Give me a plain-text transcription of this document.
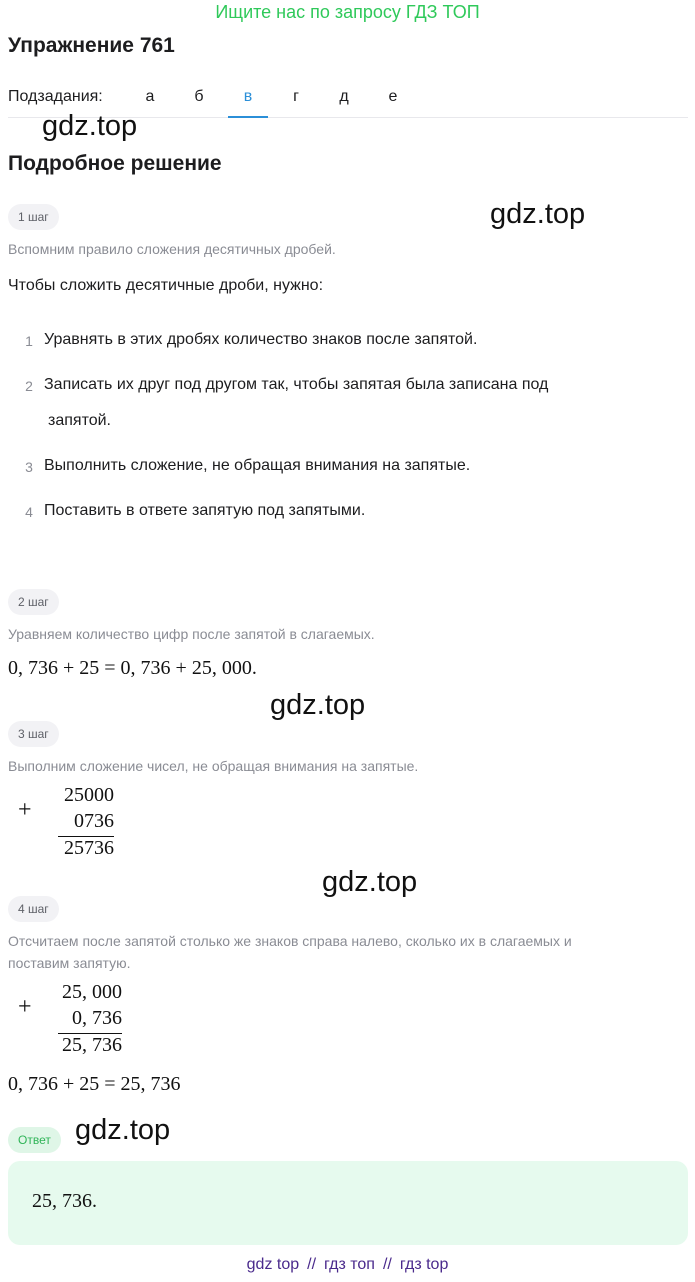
Ищите нас по запросу ГДЗ ТОП
Упражнение 761
Подзадания:	а	б	в	г	д	е
gdz.top
gdz.top
gdz.top
gdz.top
gdz.top
Подробное решение
1 шаг
Вспомним правило сложения десятичных дробей.
Чтобы сложить десятичные дроби, нужно:
1 Уравнять в этих дробях количество знаков после запятой.
2 Записать их друг под другом так, чтобы запятая была записана под
запятой.
3 Выполнить сложение, не обращая внимания на запятые.
4 Поставить в ответе запятую под запятыми.
2 шаг
Уравняем количество цифр после запятой в слагаемых.
0, 736 + 25 = 0, 736 + 25, 000.
3 шаг
Выполним сложение чисел, не обращая внимания на запятые.
+
25000
0736
25736
4 шаг
Отсчитаем после запятой столько же знаков справа налево, сколько их в слагаемых и
поставим запятую.
+
25, 000
0, 736
25, 736
0, 736 + 25 = 25, 736
Ответ
25, 736.
gdz top // гдз топ // гдз top
